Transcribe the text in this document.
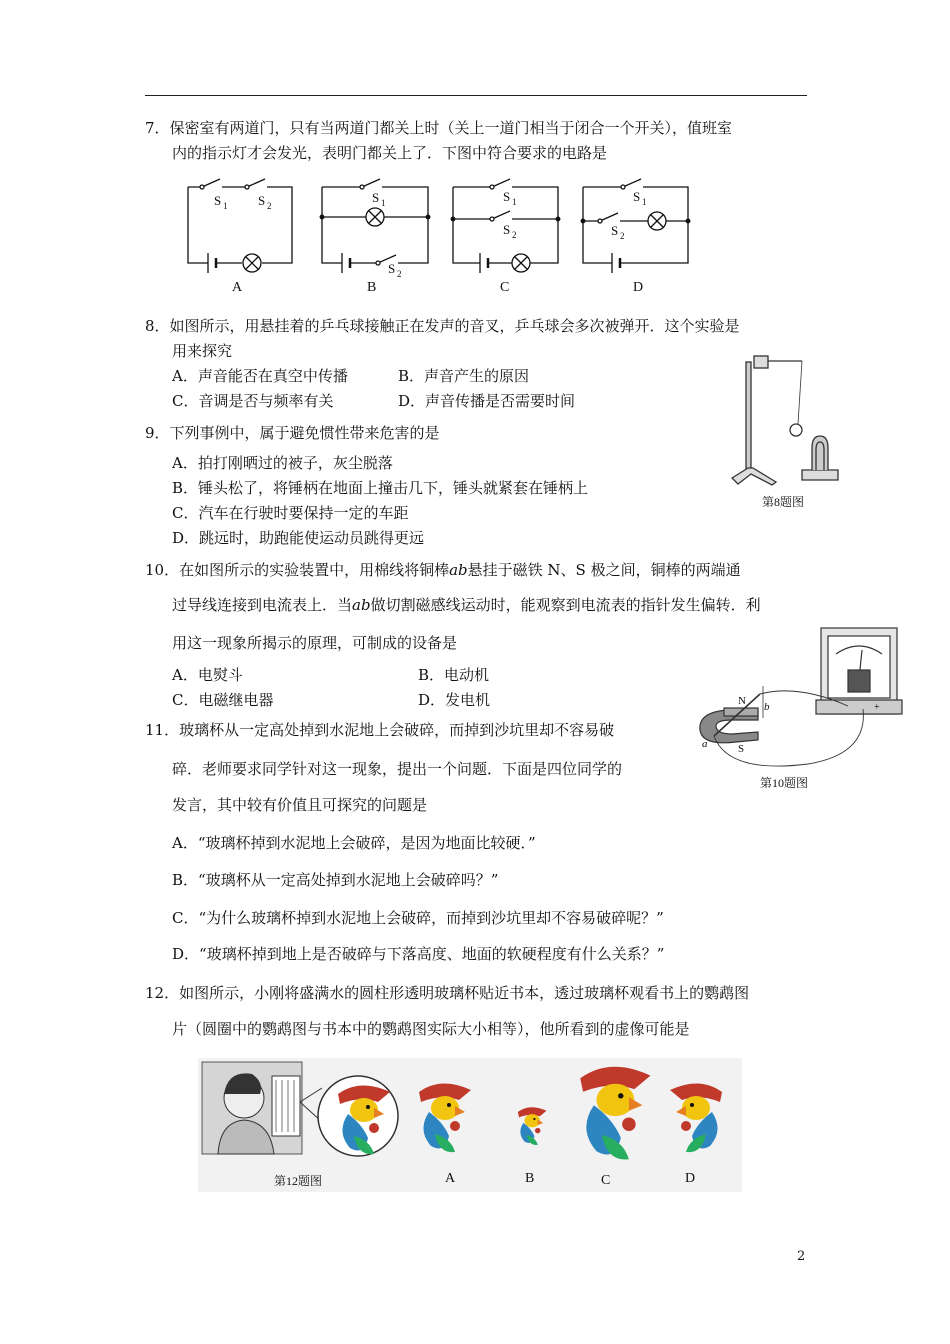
7．保密室有两道门，只有当两道门都关上时（关上一道门相当于闭合一个开关），值班室
内的指示灯才会发光，表明门都关上了．下图中符合要求的电路是
S 1 S 2
S 1
S 2
S 1
S 2
S 1
S 2
A	B	C	D
8．如图所示，用悬挂着的乒乓球接触正在发声的音叉，乒乓球会多次被弹开．这个实验是
用来探究
A．声音能否在真空中传播	B．声音产生的原因
C．音调是否与频率有关	D．声音传播是否需要时间
第8题图
9．下列事例中，属于避免惯性带来危害的是
A．拍打刚晒过的被子，灰尘脱落
B．锤头松了，将锤柄在地面上撞击几下，锤头就紧套在锤柄上
C．汽车在行驶时要保持一定的车距
D．跳远时，助跑能使运动员跳得更远
10．在如图所示的实验装置中，用棉线将铜棒ab悬挂于磁铁 N、S 极之间，铜棒的两端通
过导线连接到电流表上．当ab做切割磁感线运动时，能观察到电流表的指针发生偏转．利
用这一现象所揭示的原理，可制成的设备是
A．电熨斗	B．电动机
C．电磁继电器	D．发电机	N
S
a
b	+
第10题图
11．玻璃杯从一定高处掉到水泥地上会破碎，而掉到沙坑里却不容易破
碎．老师要求同学针对这一现象，提出一个问题．下面是四位同学的
发言，其中较有价值且可探究的问题是
A．“玻璃杯掉到水泥地上会破碎，是因为地面比较硬．”
B．“玻璃杯从一定高处掉到水泥地上会破碎吗？”
C．“为什么玻璃杯掉到水泥地上会破碎，而掉到沙坑里却不容易破碎呢？”
D．“玻璃杯掉到地上是否破碎与下落高度、地面的软硬程度有什么关系？”
12．如图所示，小刚将盛满水的圆柱形透明玻璃杯贴近书本，透过玻璃杯观看书上的鹦鹉图
片（圆圈中的鹦鹉图与书本中的鹦鹉图实际大小相等），他所看到的虚像可能是
第12题图	A	B	C	D
2
